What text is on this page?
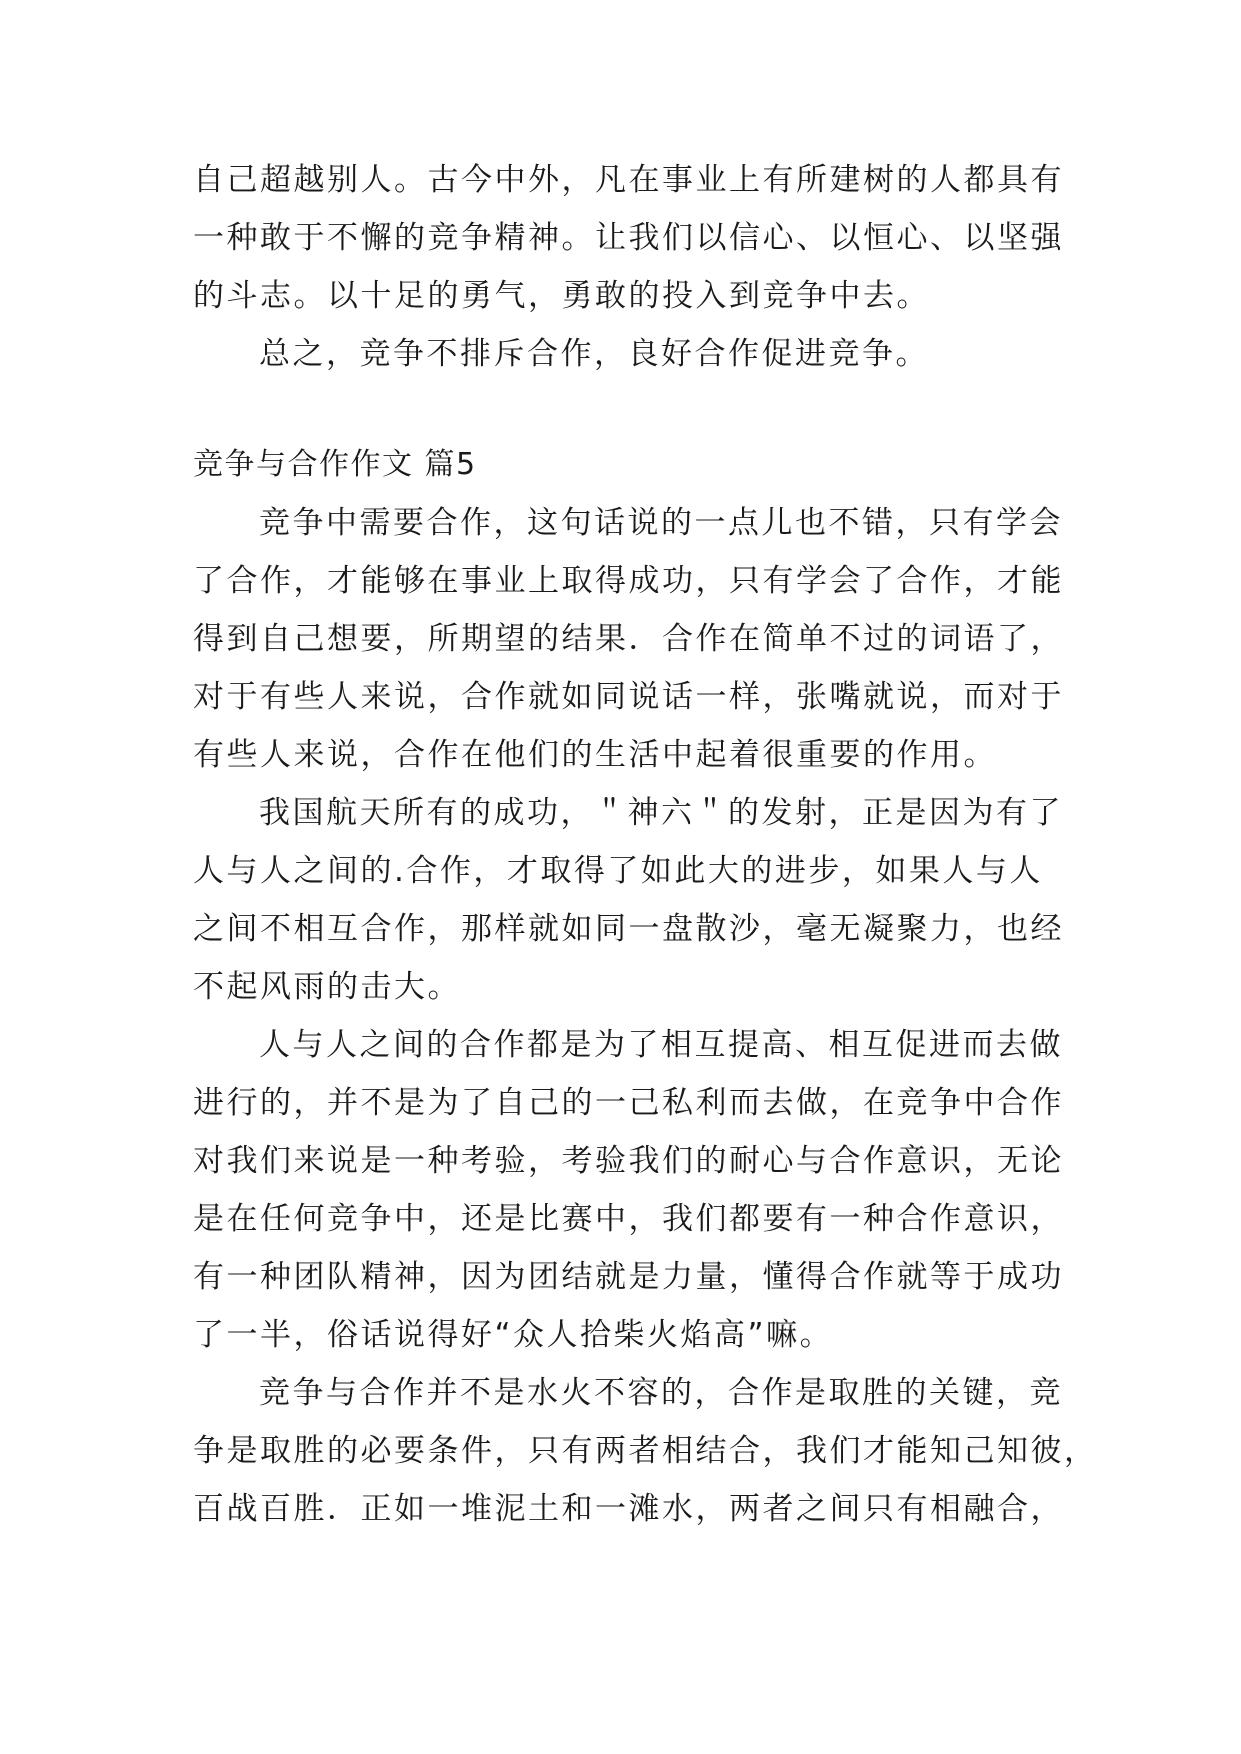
自己超越别人。古今中外，凡在事业上有所建树的人都具有
一种敢于不懈的竞争精神。让我们以信心、以恒心、以坚强
的斗志。以十足的勇气，勇敢的投入到竞争中去。
总之，竞争不排斥合作，良好合作促进竞争。
竞争与合作作文 篇5
竞争中需要合作，这句话说的一点儿也不错，只有学会
了合作，才能够在事业上取得成功，只有学会了合作，才能
得到自己想要，所期望的结果．合作在简单不过的词语了，
对于有些人来说，合作就如同说话一样，张嘴就说，而对于
有些人来说，合作在他们的生活中起着很重要的作用。
我国航天所有的成功，＂神六＂的发射，正是因为有了
人与人之间的.合作，才取得了如此大的进步，如果人与人
之间不相互合作，那样就如同一盘散沙，毫无凝聚力，也经
不起风雨的击大。
人与人之间的合作都是为了相互提高、相互促进而去做
进行的，并不是为了自己的一己私利而去做，在竞争中合作
对我们来说是一种考验，考验我们的耐心与合作意识，无论
是在任何竞争中，还是比赛中，我们都要有一种合作意识，
有一种团队精神，因为团结就是力量，懂得合作就等于成功
了一半，俗话说得好“众人拾柴火焰高”嘛。
竞争与合作并不是水火不容的，合作是取胜的关键，竞
争是取胜的必要条件，只有两者相结合，我们才能知己知彼，
百战百胜．正如一堆泥土和一滩水，两者之间只有相融合，
